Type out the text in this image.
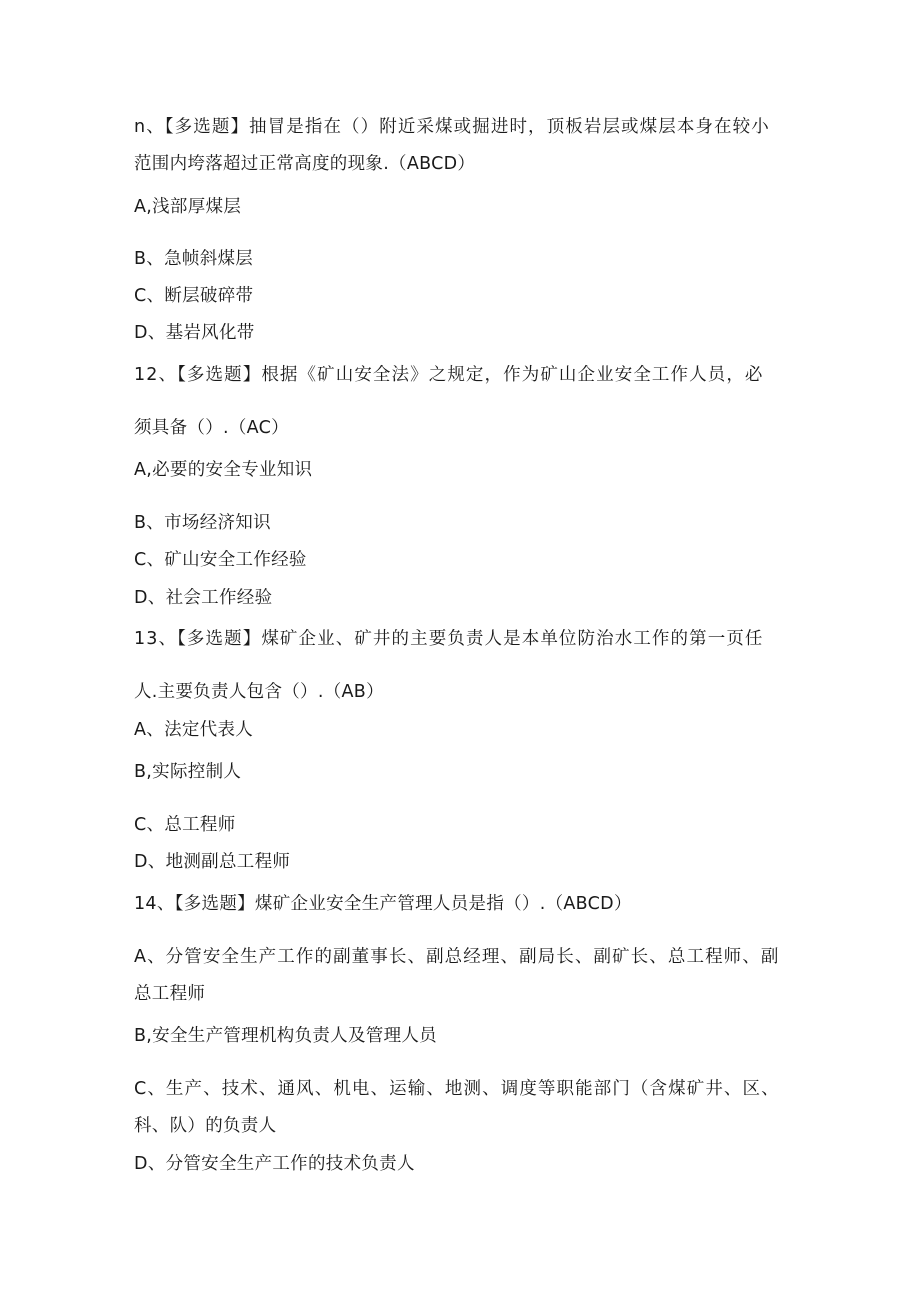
n、【多选题】抽冒是指在（）附近采煤或掘进时，顶板岩层或煤层本身在较小
范围内垮落超过正常高度的现象.（ABCD）
A,浅部厚煤层
B、急帧斜煤层
C、断层破碎带
D、基岩风化带
12、【多选题】根据《矿山安全法》之规定，作为矿山企业安全工作人员，必
须具备（）.（AC）
A,必要的安全专业知识
B、市场经济知识
C、矿山安全工作经验
D、社会工作经验
13、【多选题】煤矿企业、矿井的主要负责人是本单位防治水工作的第一页任
人.主要负责人包含（）.（AB）
A、法定代表人
B,实际控制人
C、总工程师
D、地测副总工程师
14、【多选题】煤矿企业安全生产管理人员是指（）.（ABCD）
A、分管安全生产工作的副董事长、副总经理、副局长、副矿长、总工程师、副
总工程师
B,安全生产管理机构负责人及管理人员
C、生产、技术、通风、机电、运输、地测、调度等职能部门（含煤矿井、区、
科、队）的负责人
D、分管安全生产工作的技术负责人
